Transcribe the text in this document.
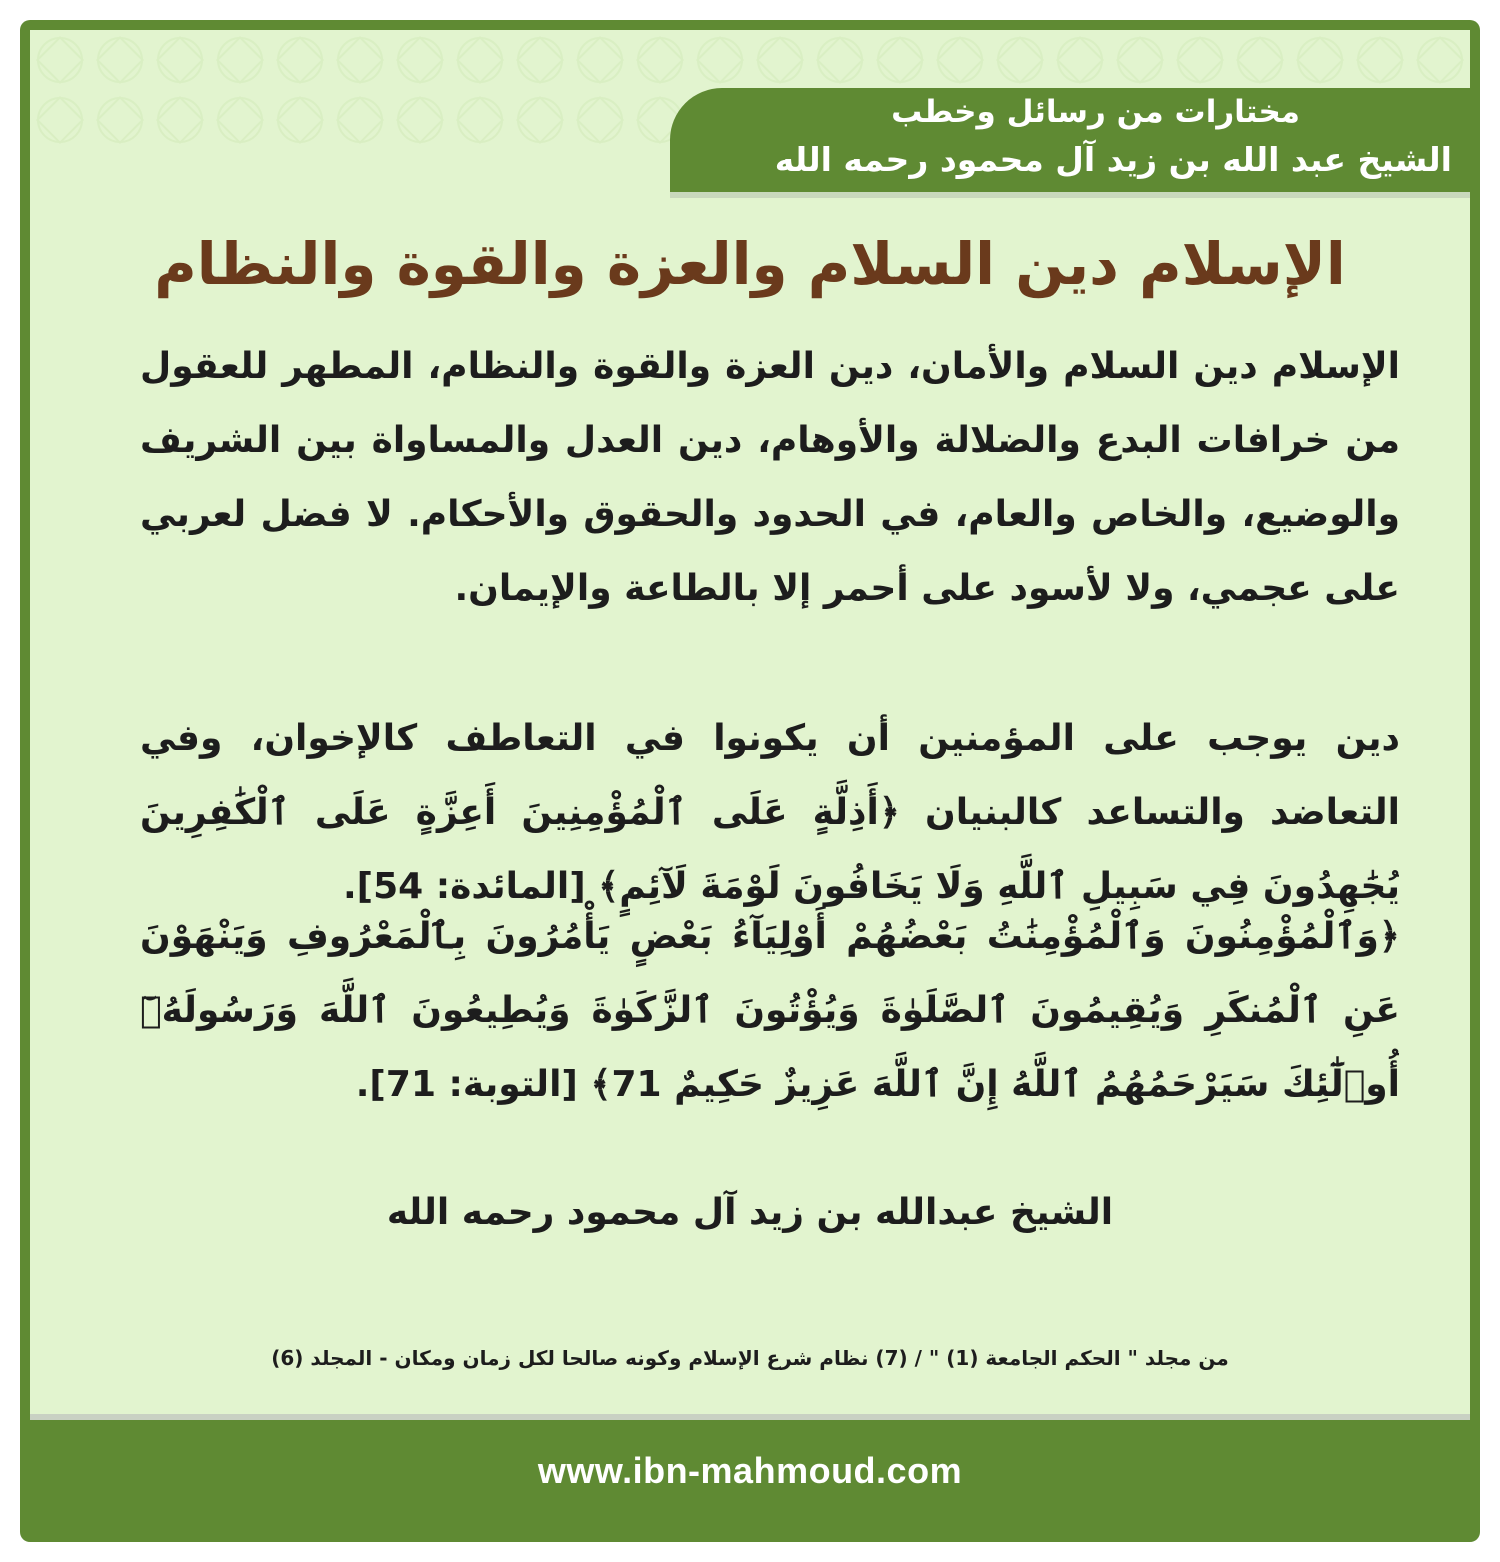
مختارات من رسائل وخطب
الشيخ عبد الله بن زيد آل محمود رحمه الله
الإسلام دين السلام والعزة والقوة والنظام

الإسلام دين السلام والأمان، دين العزة والقوة والنظام، المطهر للعقول من خرافات البدع والضلالة والأوهام، دين العدل والمساواة بين الشريف والوضيع، والخاص والعام، في الحدود والحقوق والأحكام. لا فضل لعربي على عجمي، ولا لأسود على أحمر إلا بالطاعة والإيمان.

دين يوجب على المؤمنين أن يكونوا في التعاطف كالإخوان، وفي التعاضد والتساعد كالبنيان ﴿أَذِلَّةٍ عَلَى ٱلْمُؤْمِنِينَ أَعِزَّةٍ عَلَى ٱلْكَٰفِرِينَ يُجَٰهِدُونَ فِي سَبِيلِ ٱللَّهِ وَلَا يَخَافُونَ لَوْمَةَ لَآئِمٍ﴾ [المائدة: 54].

﴿وَٱلْمُؤْمِنُونَ وَٱلْمُؤْمِنَٰتُ بَعْضُهُمْ أَوْلِيَآءُ بَعْضٍ يَأْمُرُونَ بِٱلْمَعْرُوفِ وَيَنْهَوْنَ عَنِ ٱلْمُنكَرِ وَيُقِيمُونَ ٱلصَّلَوٰةَ وَيُؤْتُونَ ٱلزَّكَوٰةَ وَيُطِيعُونَ ٱللَّهَ وَرَسُولَهُۥٓ أُو۟لَٰٓئِكَ سَيَرْحَمُهُمُ ٱللَّهُ إِنَّ ٱللَّهَ عَزِيزٌ حَكِيمٌ 71﴾ [التوبة: 71].

الشيخ عبدالله بن زيد آل محمود رحمه الله
من مجلد " الحكم الجامعة (1) " / (7) نظام شرع الإسلام وكونه صالحا لكل زمان ومكان - المجلد (6)
www.ibn-mahmoud.com
